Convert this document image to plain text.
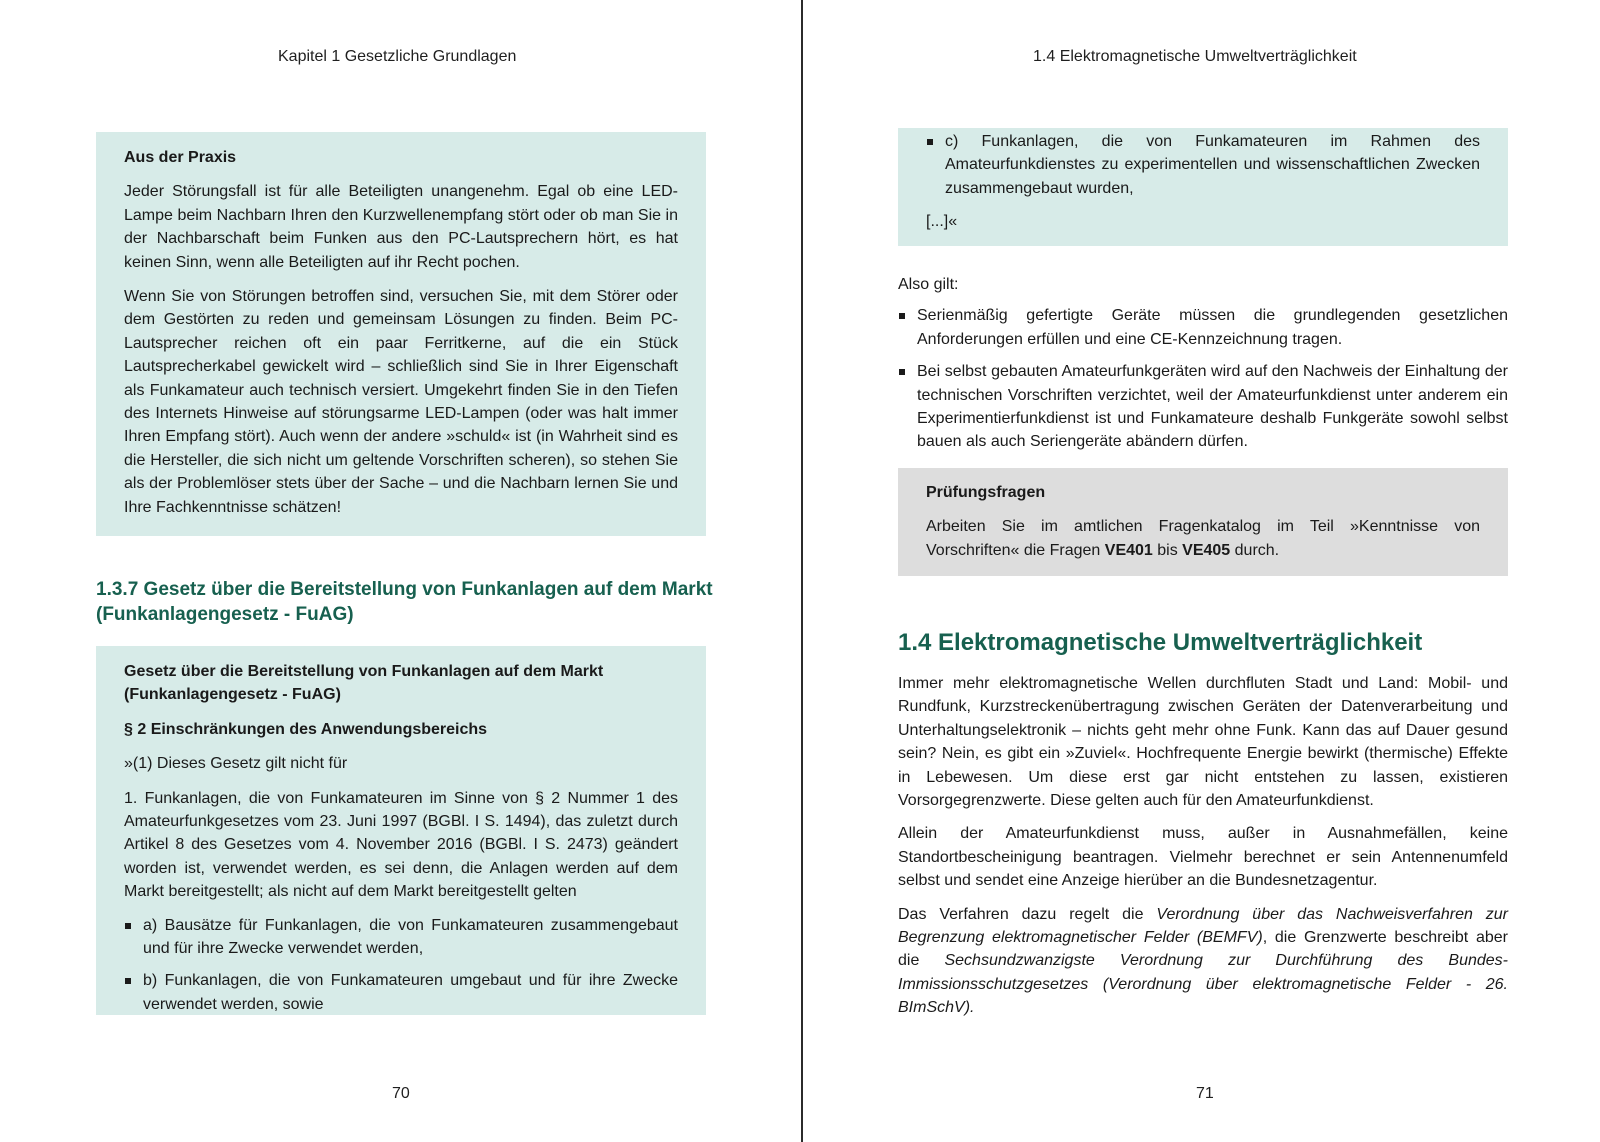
Kapitel 1 Gesetzliche Grundlagen

Aus der Praxis

Jeder Störungsfall ist für alle Beteiligten unangenehm. Egal ob eine LED-Lampe beim Nachbarn Ihren den Kurzwellenempfang stört oder ob man Sie in der Nachbarschaft beim Funken aus den PC-Lautsprechern hört, es hat keinen Sinn, wenn alle Beteiligten auf ihr Recht pochen.

Wenn Sie von Störungen betroffen sind, versuchen Sie, mit dem Störer oder dem Gestörten zu reden und gemeinsam Lösungen zu finden. Beim PC-Lautsprecher reichen oft ein paar Ferritkerne, auf die ein Stück Lautsprecherkabel gewickelt wird – schließlich sind Sie in Ihrer Eigenschaft als Funkamateur auch technisch versiert. Umgekehrt finden Sie in den Tiefen des Internets Hinweise auf störungsarme LED-Lampen (oder was halt immer Ihren Empfang stört). Auch wenn der andere »schuld« ist (in Wahrheit sind es die Hersteller, die sich nicht um geltende Vorschriften scheren), so stehen Sie als der Problemlöser stets über der Sache – und die Nachbarn lernen Sie und Ihre Fachkenntnisse schätzen!

1.3.7 Gesetz über die Bereitstellung von Funkanlagen auf dem Markt (Funkanlagengesetz - FuAG)

Gesetz über die Bereitstellung von Funkanlagen auf dem Markt (Funkanlagengesetz - FuAG)

§ 2 Einschränkungen des Anwendungsbereichs

»(1) Dieses Gesetz gilt nicht für

1. Funkanlagen, die von Funkamateuren im Sinne von § 2 Nummer 1 des Amateurfunkgesetzes vom 23. Juni 1997 (BGBl. I S. 1494), das zuletzt durch Artikel 8 des Gesetzes vom 4. November 2016 (BGBl. I S. 2473) geändert worden ist, verwendet werden, es sei denn, die Anlagen werden auf dem Markt bereitgestellt; als nicht auf dem Markt bereitgestellt gelten

a) Bausätze für Funkanlagen, die von Funkamateuren zusammengebaut und für ihre Zwecke verwendet werden,
b) Funkanlagen, die von Funkamateuren umgebaut und für ihre Zwecke verwendet werden, sowie
70
1.4 Elektromagnetische Umweltverträglichkeit
c) Funkanlagen, die von Funkamateuren im Rahmen des Amateurfunkdienstes zu experimentellen und wissenschaftlichen Zwecken zusammengebaut wurden,

[...]«

Also gilt:

Serienmäßig gefertigte Geräte müssen die grundlegenden gesetzlichen Anforderungen erfüllen und eine CE-Kennzeichnung tragen.
Bei selbst gebauten Amateurfunkgeräten wird auf den Nachweis der Einhaltung der technischen Vorschriften verzichtet, weil der Amateurfunkdienst unter anderem ein Experimentierfunkdienst ist und Funkamateure deshalb Funkgeräte sowohl selbst bauen als auch Seriengeräte abändern dürfen.

Prüfungsfragen

Arbeiten Sie im amtlichen Fragenkatalog im Teil »Kenntnisse von Vorschriften« die Fragen VE401 bis VE405 durch.

1.4 Elektromagnetische Umweltverträglichkeit

Immer mehr elektromagnetische Wellen durchfluten Stadt und Land: Mobil- und Rundfunk, Kurzstreckenübertragung zwischen Geräten der Datenverarbeitung und Unterhaltungselektronik – nichts geht mehr ohne Funk. Kann das auf Dauer gesund sein? Nein, es gibt ein »Zuviel«. Hochfrequente Energie bewirkt (thermische) Effekte in Lebewesen. Um diese erst gar nicht entstehen zu lassen, existieren Vorsorgegrenzwerte. Diese gelten auch für den Amateurfunkdienst.

Allein der Amateurfunkdienst muss, außer in Ausnahmefällen, keine Standortbescheinigung beantragen. Vielmehr berechnet er sein Antennenumfeld selbst und sendet eine Anzeige hierüber an die Bundesnetzagentur.

Das Verfahren dazu regelt die Verordnung über das Nachweisverfahren zur Begrenzung elektromagnetischer Felder (BEMFV), die Grenzwerte beschreibt aber die Sechsundzwanzigste Verordnung zur Durchführung des Bundes-Immissionsschutzgesetzes (Verordnung über elektromagnetische Felder - 26. BImSchV).

71
